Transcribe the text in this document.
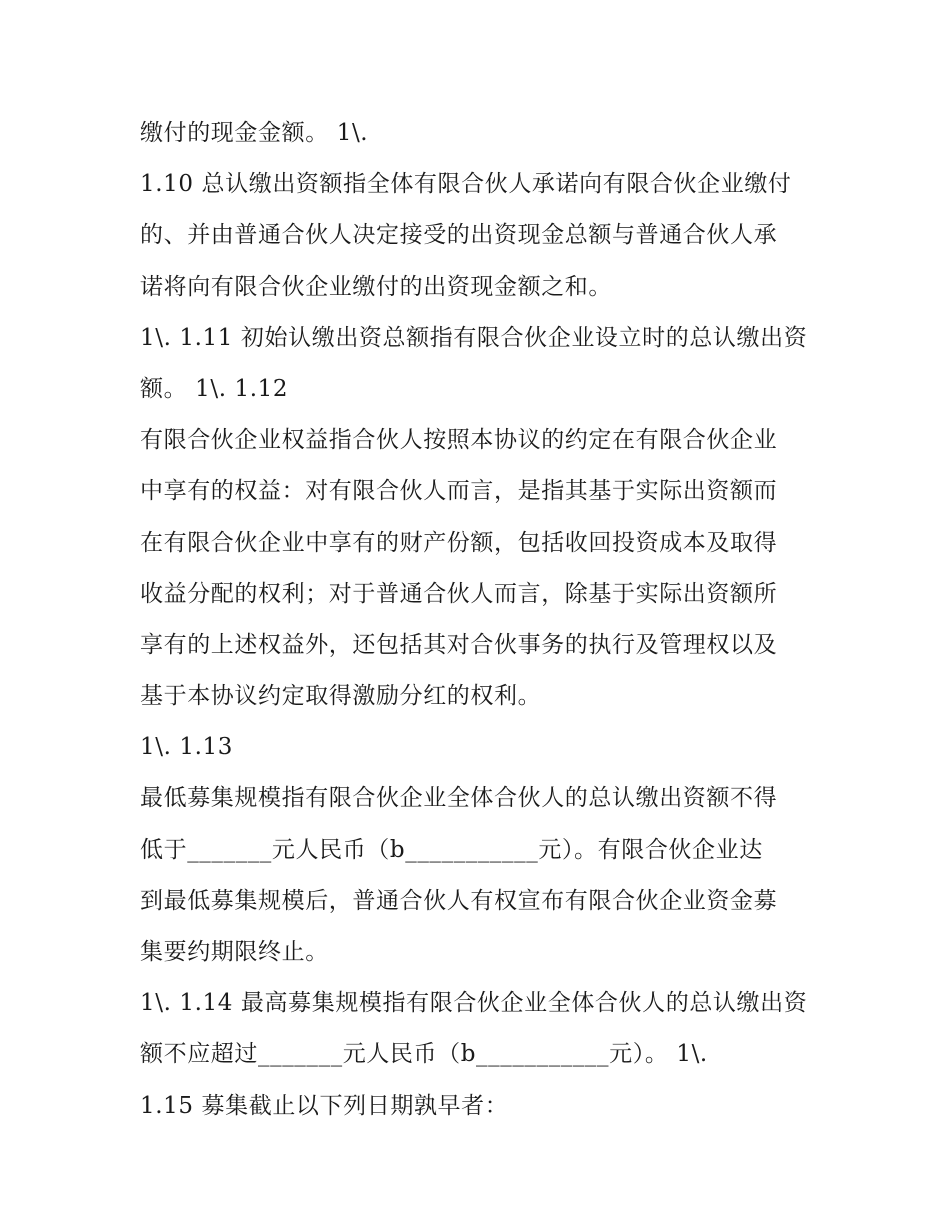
缴付的现金金额。 1\.
1.10 总认缴出资额指全体有限合伙人承诺向有限合伙企业缴付
的、并由普通合伙人决定接受的出资现金总额与普通合伙人承
诺将向有限合伙企业缴付的出资现金额之和。
1\. 1.11 初始认缴出资总额指有限合伙企业设立时的总认缴出资
额。 1\. 1.12
有限合伙企业权益指合伙人按照本协议的约定在有限合伙企业
中享有的权益：对有限合伙人而言，是指其基于实际出资额而
在有限合伙企业中享有的财产份额，包括收回投资成本及取得
收益分配的权利；对于普通合伙人而言，除基于实际出资额所
享有的上述权益外，还包括其对合伙事务的执行及管理权以及
基于本协议约定取得激励分红的权利。
1\. 1.13
最低募集规模指有限合伙企业全体合伙人的总认缴出资额不得
低于_______元人民币（b___________元）。有限合伙企业达
到最低募集规模后，普通合伙人有权宣布有限合伙企业资金募
集要约期限终止。
1\. 1.14 最高募集规模指有限合伙企业全体合伙人的总认缴出资
额不应超过_______元人民币（b___________元）。 1\.
1.15 募集截止以下列日期孰早者：
